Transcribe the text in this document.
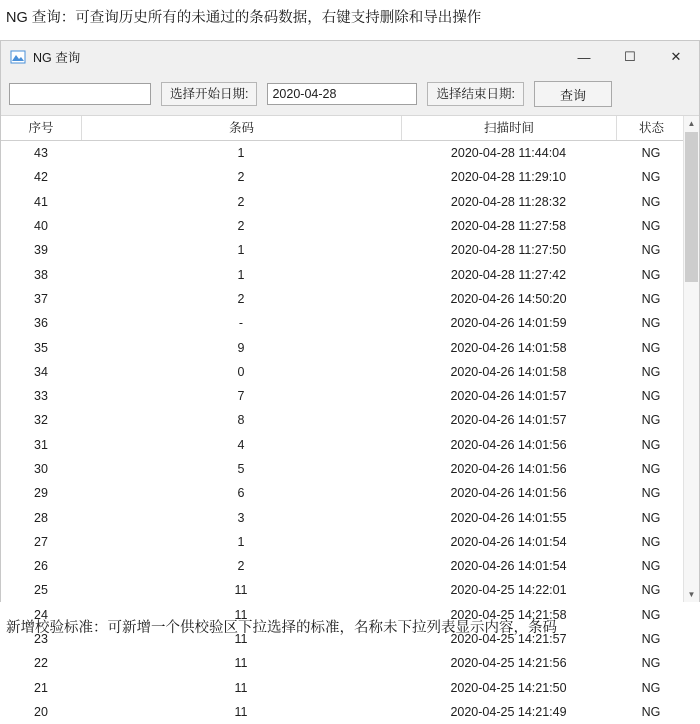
NG 查询：可查询历史所有的未通过的条码数据，右键支持删除和导出操作
NG 查询	—	☐	✕
选择开始日期:
2020-04-28	选择结束日期:	查询
序号	条码	扫描时间	状态
43	1	2020-04-28 11:44:04	NG
42	2	2020-04-28 11:29:10	NG
41	2	2020-04-28 11:28:32	NG
40	2	2020-04-28 11:27:58	NG
39	1	2020-04-28 11:27:50	NG
38	1	2020-04-28 11:27:42	NG
37	2	2020-04-26 14:50:20	NG
36	-	2020-04-26 14:01:59	NG
35	9	2020-04-26 14:01:58	NG
34	0	2020-04-26 14:01:58	NG
33	7	2020-04-26 14:01:57	NG
32	8	2020-04-26 14:01:57	NG
31	4	2020-04-26 14:01:56	NG
30	5	2020-04-26 14:01:56	NG
29	6	2020-04-26 14:01:56	NG
28	3	2020-04-26 14:01:55	NG
27	1	2020-04-26 14:01:54	NG
26	2	2020-04-26 14:01:54	NG
25	11	2020-04-25 14:22:01	NG
24	11	2020-04-25 14:21:58	NG
23	11	2020-04-25 14:21:57	NG
22	11	2020-04-25 14:21:56	NG
21	11	2020-04-25 14:21:50	NG
20	11	2020-04-25 14:21:49	NG
▲
▼
新增校验标准：可新增一个供校验区下拉选择的标准，名称未下拉列表显示内容，条码
